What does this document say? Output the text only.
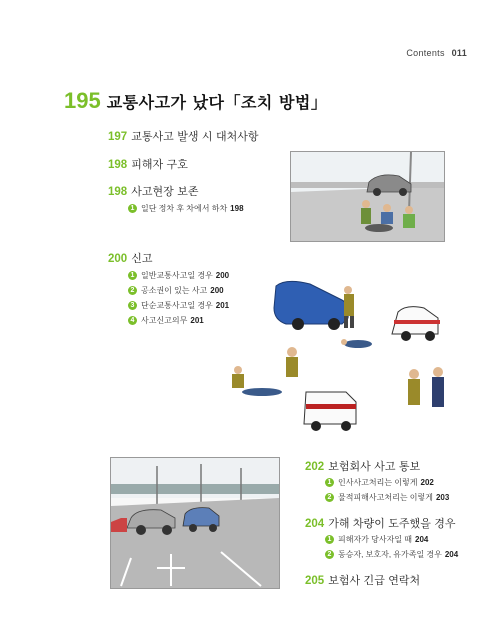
Contents 011
195 교통사고가 났다「조치 방법」
197 교통사고 발생 시 대처사항
198 피해자 구호
198 사고현장 보존
1 일단 정차 후 차에서 하차 198
200 신고
1 일반교통사고일 경우 200
2 공소권이 있는 사고 200
3 단순교통사고일 경우 201
4 사고신고의무 201
202 보험회사 사고 통보
1 인사사고처리는 이렇게 202
2 물적피해사고처리는 이렇게 203
204 가해 차량이 도주했을 경우
1 피해자가 당사자일 때 204
2 동승자, 보호자, 유가족일 경우 204
205 보험사 긴급 연락처
